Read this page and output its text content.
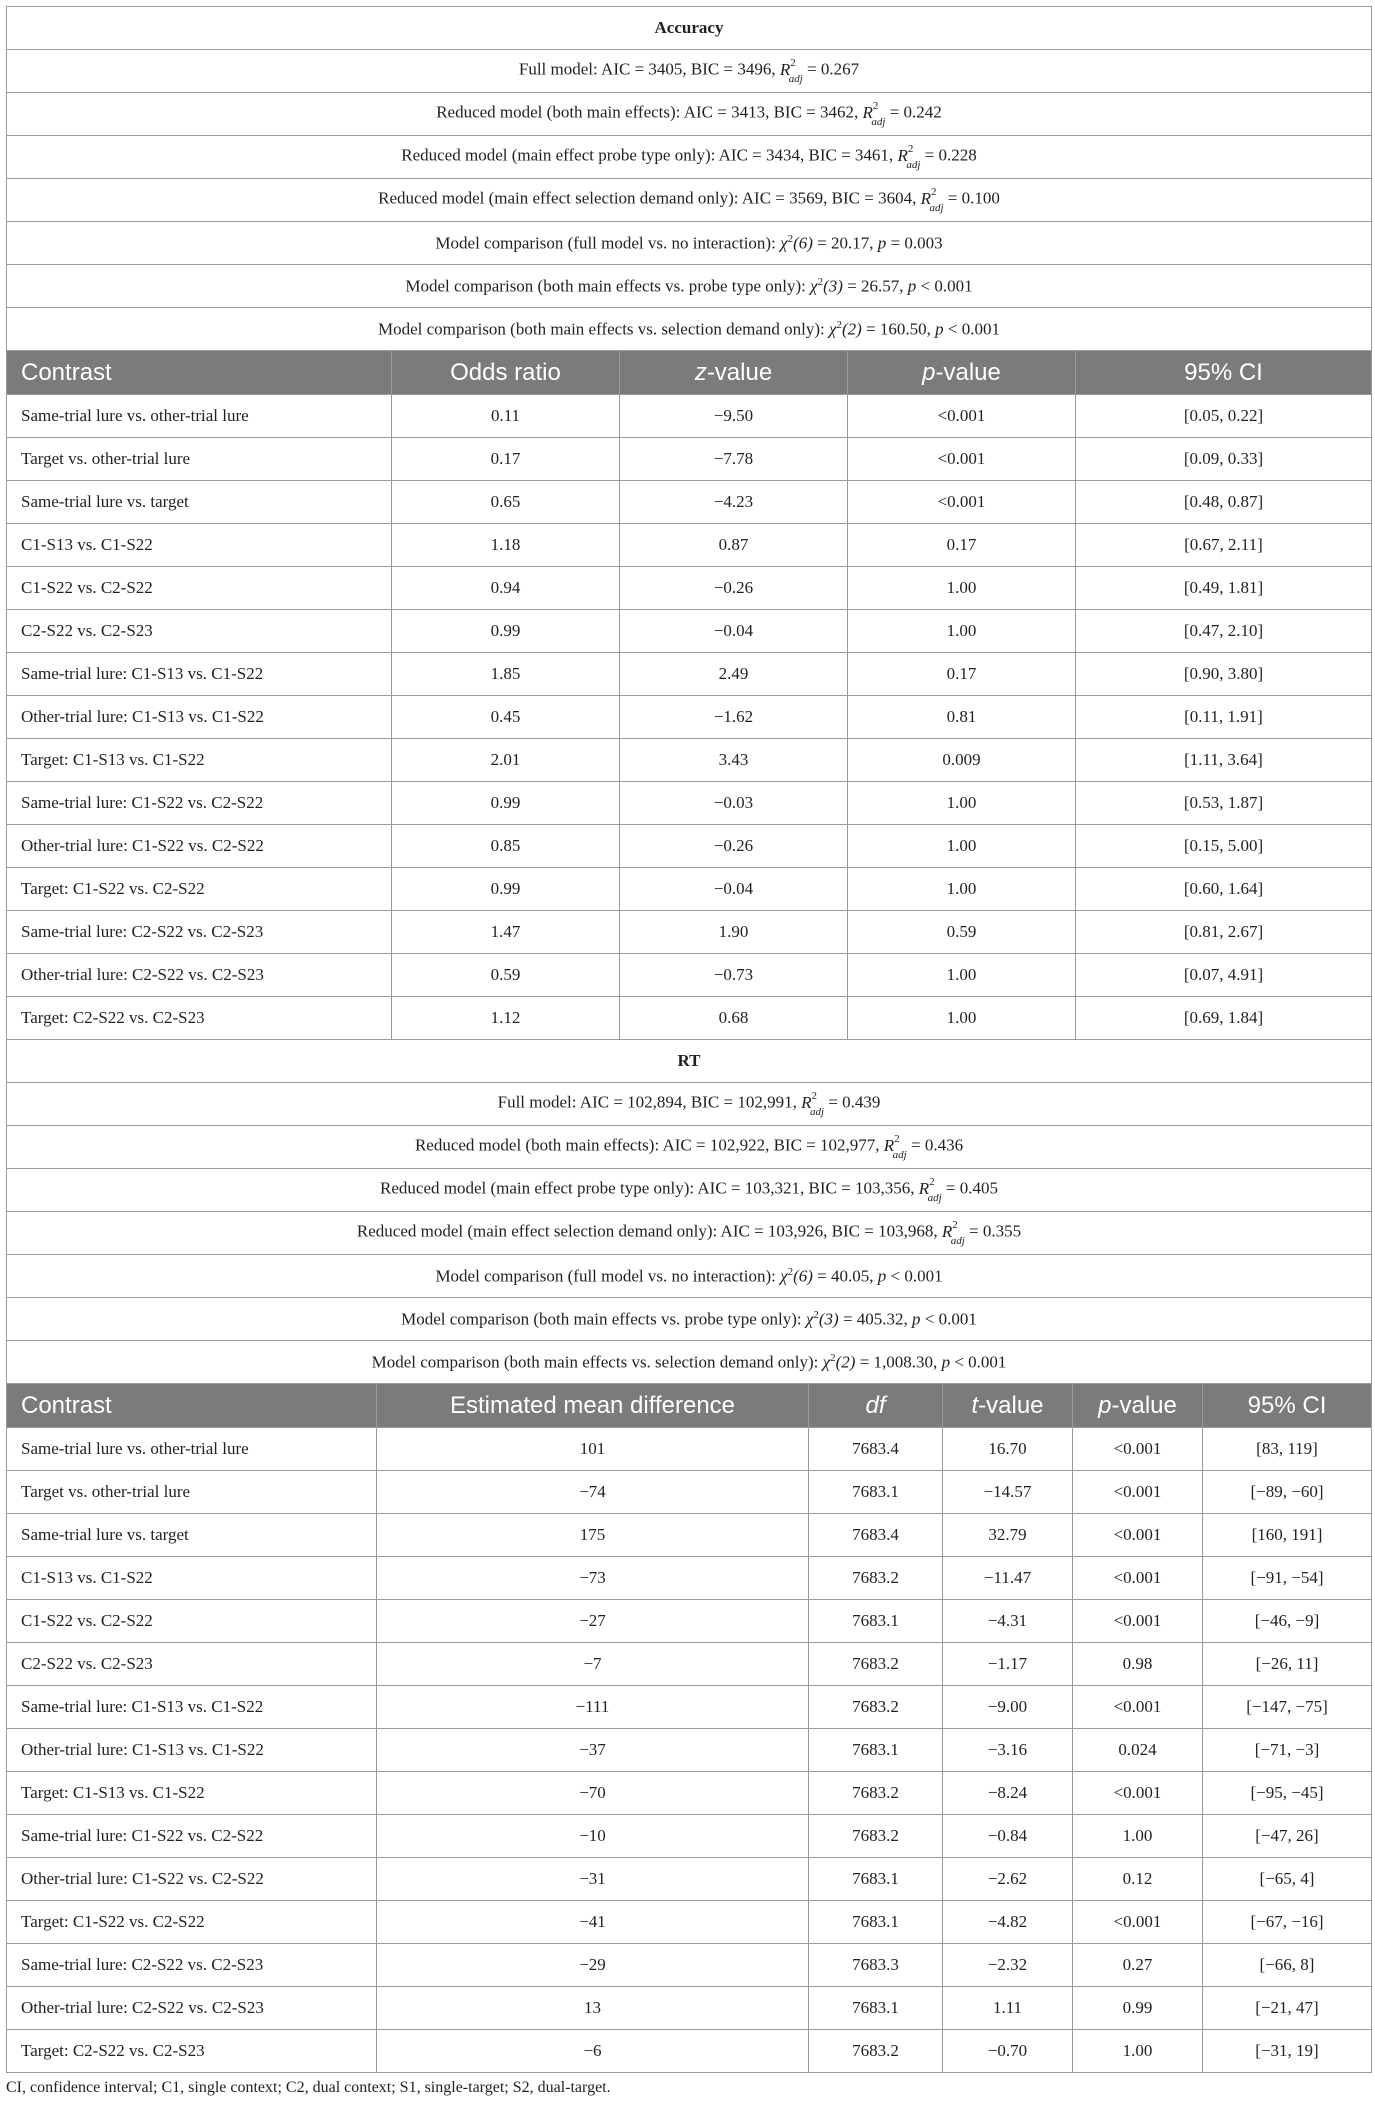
Accuracy				
Full model: AIC = 3405, BIC = 3496, $R^2_{adj} = 0.267$				
Reduced model (both main effects): AIC = 3413, BIC = 3462, $R^2_{adj} = 0.242$				
Reduced model (main effect probe type only): AIC = 3434, BIC = 3461, $R^2_{adj} = 0.228$				
Reduced model (main effect selection demand only): AIC = 3569, BIC = 3604, $R^2_{adj} = 0.100$				
Model comparison (full model vs. no interaction): $\chi^2(6) = 20.17$, p = 0.003				
Model comparison (both main effects vs. probe type only): $\chi^2(3) = 26.57$, p < 0.001				
Model comparison (both main effects vs. selection demand only): $\chi^2(2) = 160.50$, p < 0.001				
Contrast	Odds ratio	z-value	p-value	95% CI
Same-trial lure vs. other-trial lure	0.11	−9.50	<0.001	[0.05, 0.22]
Target vs. other-trial lure	0.17	−7.78	<0.001	[0.09, 0.33]
Same-trial lure vs. target	0.65	−4.23	<0.001	[0.48, 0.87]
C1-S13 vs. C1-S22	1.18	0.87	0.17	[0.67, 2.11]
C1-S22 vs. C2-S22	0.94	−0.26	1.00	[0.49, 1.81]
C2-S22 vs. C2-S23	0.99	−0.04	1.00	[0.47, 2.10]
Same-trial lure: C1-S13 vs. C1-S22	1.85	2.49	0.17	[0.90, 3.80]
Other-trial lure: C1-S13 vs. C1-S22	0.45	−1.62	0.81	[0.11, 1.91]
Target: C1-S13 vs. C1-S22	2.01	3.43	0.009	[1.11, 3.64]
Same-trial lure: C1-S22 vs. C2-S22	0.99	−0.03	1.00	[0.53, 1.87]
Other-trial lure: C1-S22 vs. C2-S22	0.85	−0.26	1.00	[0.15, 5.00]
Target: C1-S22 vs. C2-S22	0.99	−0.04	1.00	[0.60, 1.64]
Same-trial lure: C2-S22 vs. C2-S23	1.47	1.90	0.59	[0.81, 2.67]
Other-trial lure: C2-S22 vs. C2-S23	0.59	−0.73	1.00	[0.07, 4.91]
Target: C2-S22 vs. C2-S23	1.12	0.68	1.00	[0.69, 1.84]
RT					
Full model: AIC = 102,894, BIC = 102,991, $R^2_{adj} = 0.439$					
Reduced model (both main effects): AIC = 102,922, BIC = 102,977, $R^2_{adj} = 0.436$					
Reduced model (main effect probe type only): AIC = 103,321, BIC = 103,356, $R^2_{adj} = 0.405$					
Reduced model (main effect selection demand only): AIC = 103,926, BIC = 103,968, $R^2_{adj} = 0.355$					
Model comparison (full model vs. no interaction): $\chi^2(6) = 40.05$, p < 0.001					
Model comparison (both main effects vs. probe type only): $\chi^2(3) = 405.32$, p < 0.001					
Model comparison (both main effects vs. selection demand only): $\chi^2(2) = 1,008.30$, p < 0.001					
Contrast	Estimated mean difference	df	t-value	p-value	95% CI
Same-trial lure vs. other-trial lure	101	7683.4	16.70	<0.001	[83, 119]
Target vs. other-trial lure	−74	7683.1	−14.57	<0.001	[−89, −60]
Same-trial lure vs. target	175	7683.4	32.79	<0.001	[160, 191]
C1-S13 vs. C1-S22	−73	7683.2	−11.47	<0.001	[−91, −54]
C1-S22 vs. C2-S22	−27	7683.1	−4.31	<0.001	[−46, −9]
C2-S22 vs. C2-S23	−7	7683.2	−1.17	0.98	[−26, 11]
Same-trial lure: C1-S13 vs. C1-S22	−111	7683.2	−9.00	<0.001	[−147, −75]
Other-trial lure: C1-S13 vs. C1-S22	−37	7683.1	−3.16	0.024	[−71, −3]
Target: C1-S13 vs. C1-S22	−70	7683.2	−8.24	<0.001	[−95, −45]
Same-trial lure: C1-S22 vs. C2-S22	−10	7683.2	−0.84	1.00	[−47, 26]
Other-trial lure: C1-S22 vs. C2-S22	−31	7683.1	−2.62	0.12	[−65, 4]
Target: C1-S22 vs. C2-S22	−41	7683.1	−4.82	<0.001	[−67, −16]
Same-trial lure: C2-S22 vs. C2-S23	−29	7683.3	−2.32	0.27	[−66, 8]
Other-trial lure: C2-S22 vs. C2-S23	13	7683.1	1.11	0.99	[−21, 47]
Target: C2-S22 vs. C2-S23	−6	7683.2	−0.70	1.00	[−31, 19]
CI, confidence interval; C1, single context; C2, dual context; S1, single-target; S2, dual-target.
